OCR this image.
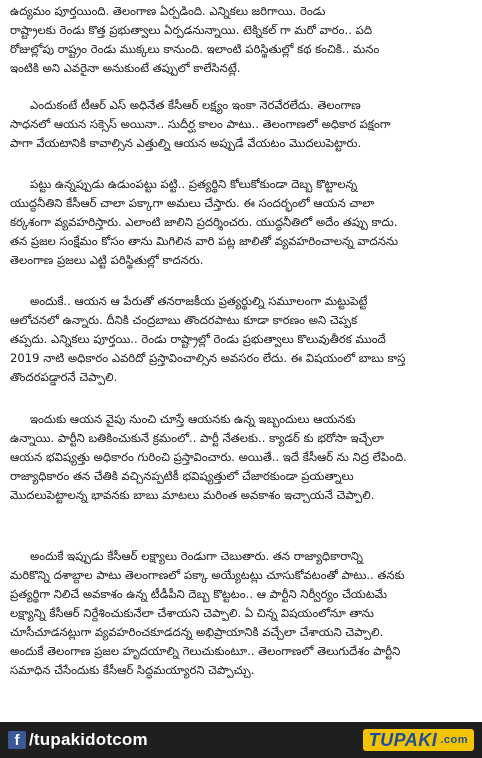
ఉద్యమం పూర్తయింది. తెలంగాణ ఏర్పడింది. ఎన్నికలు జరిగాయి. రెండు
రాష్ట్రాలకు రెండు కొత్త ప్రభుత్వాలు ఏర్పడనున్నాయి. టెక్నికల్ గా మరో వారం.. పది
రోజుల్లోపు రాష్ట్రం రెండు ముక్కలు కానుంది. ఇలాంటి పరిస్థితుల్లో కథ కంచికి.. మనం
ఇంటికి అని ఎవరైనా అనుకుంటే తప్పులో కాలేసినట్లే.
ఎందుకంటే టీఆర్ ఎస్ అధినేత కేసీఆర్ లక్ష్యం ఇంకా నెరవేరలేదు. తెలంగాణ
సాధనలో ఆయన సక్సెస్ అయినా.. సుదీర్ఘ కాలం పాటు.. తెలంగాణలో అధికార పక్షంగా
పాగా వేయటానికి కావాల్సిన ఎత్తుల్ని ఆయన అప్పుడే వేయటం మొదలుపెట్టారు.
పట్టు ఉన్నప్పుడు ఉడుంపట్టు పట్టి.. ప్రత్యర్థిని కోలుకోకుండా దెబ్బ కొట్టాలన్న
యుద్ధనీతిని కేసీఆర్ చాలా పక్కాగా అమలు చేస్తారు. ఈ సందర్భంలో ఆయన చాలా
కర్కశంగా వ్యవహరిస్తారు. ఎలాంటి జాలిని ప్రదర్శించరు. యుద్ధనీతిలో అదేం తప్పు కాదు.
తన ప్రజల సంక్షేమం కోసం తాను మిగిలిన వారి పట్ల జాలితో వ్యవహరించాలన్న వాదనను
తెలంగాణ ప్రజలు ఎట్టి పరిస్థితుల్లో కాదనరు.
అందుకే.. ఆయన ఆ పేరుతో తనరాజకీయ ప్రత్యర్థుల్ని సమూలంగా మట్టుపెట్టే
ఆలోచనలో ఉన్నారు. దీనికి చంద్రబాబు తొందరపాటు కూడా కారణం అని చెప్పక
తప్పదు. ఎన్నికలు పూర్తయి.. రెండు రాష్ట్రాల్లో రెండు ప్రభుత్వాలు కొలువుతీరక ముందే
2019 నాటి అధికారం ఎవరిదో ప్రస్తావించాల్సిన అవసరం లేదు. ఈ విషయంలో బాబు కాస్త
తొందరపడ్డారనే చెప్పాలి.
ఇందుకు ఆయన వైపు నుంచి చూస్తే ఆయనకు ఉన్న ఇబ్బందులు ఆయనకు
ఉన్నాయి. పార్టీని బతికించుకునే క్రమంలో.. పార్టీ నేతలకు.. క్యాడర్ కు భరోసా ఇచ్చేలా
ఆయన భవిష్యత్తు అధికారం గురించి ప్రస్తావించారు. అయితే.. ఇదే కేసీఆర్ ను నిద్ర లేపింది.
రాజ్యాధికారం తన చేతికి వచ్చినప్పటికీ భవిష్యత్తులో చేజారకుండా ప్రయత్నాలు
మొదలుపెట్టాలన్న భావనకు బాబు మాటలు మరింత అవకాశం ఇచ్చాయనే చెప్పాలి.
అందుకే ఇప్పుడు కేసీఆర్ లక్ష్యాలు రెండుగా చెబుతారు. తన రాజ్యాధికారాన్ని
మరికొన్ని దశాబ్దాల పాటు తెలంగాణలో పక్కా అయ్యేటట్లు చూసుకోవటంతో పాటు.. తనకు
ప్రత్యర్థిగా నిలిచే అవకాశం ఉన్న టీడీపీని దెబ్బ కొట్టటం.. ఆ పార్టీని నిర్వీర్యం చేయటమే
లక్ష్యాన్ని కేసీఆర్ నిర్దేశించుకునేలా చేశాయని చెప్పాలి. ఏ చిన్న విషయంలోనూ తాను
చూసీచూడనట్లుగా వ్యవహరించకూడదన్న అభిప్రాయానికి వచ్చేలా చేశాయని చెప్పాలి.
అందుకే తెలంగాణ ప్రజల హృదయాల్ని గెలుచుకుంటూ.. తెలంగాణలో తెలుగుదేశం పార్టీని
సమాధిన చేసేందుకు కేసీఆర్ సిద్ధమయ్యారని చెప్పొచ్చు.
f /tupakidotcom	TUPAKI .com
